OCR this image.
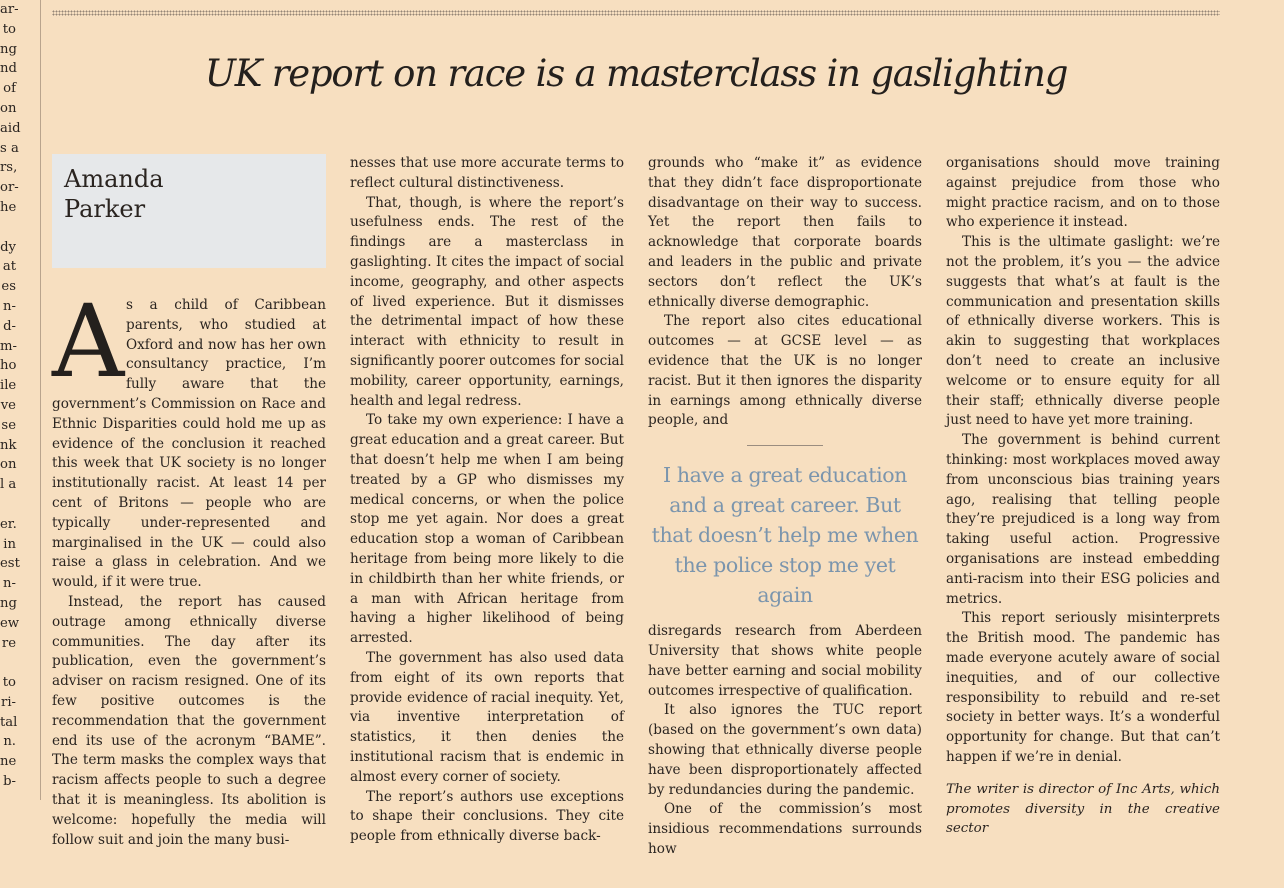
ar-
to
ng
nd
of
on
aid
s a
rs,
or-
he

dy
at
es
n-
d-
m-
ho
ile
ve
se
nk
on
l a

er.
in
est
n-
ng
ew
re

to
ri-
tal
n.
ne
b-
UK report on race is a masterclass in gaslighting
Amanda
Parker
A s a child of Caribbean parents, who studied at Oxford and now has her own consultancy practice, I’m fully aware that the government’s Commission on Race and Ethnic Disparities could hold me up as evidence of the conclusion it reached this week that UK society is no longer institutionally racist. At least 14 per cent of Britons — people who are typically under-represented and marginalised in the UK — could also raise a glass in celebration. And we would, if it were true.

Instead, the report has caused outrage among ethnically diverse communities. The day after its publication, even the government’s adviser on racism resigned. One of its few positive outcomes is the recommendation that the government end its use of the acronym “BAME”. The term masks the complex ways that racism affects people to such a degree that it is meaningless. Its abolition is welcome: hopefully the media will follow suit and join the many busi-

nesses that use more accurate terms to reflect cultural distinctiveness.

That, though, is where the report’s usefulness ends. The rest of the findings are a masterclass in gaslighting. It cites the impact of social income, geography, and other aspects of lived experience. But it dismisses the detrimental impact of how these interact with ethnicity to result in significantly poorer outcomes for social mobility, career opportunity, earnings, health and legal redress.

To take my own experience: I have a great education and a great career. But that doesn’t help me when I am being treated by a GP who dismisses my medical concerns, or when the police stop me yet again. Nor does a great education stop a woman of Caribbean heritage from being more likely to die in childbirth than her white friends, or a man with African heritage from having a higher likelihood of being arrested.

The government has also used data from eight of its own reports that provide evidence of racial inequity. Yet, via inventive interpretation of statistics, it then denies the institutional racism that is endemic in almost every corner of society.

The report’s authors use exceptions to shape their conclusions. They cite people from ethnically diverse back-

grounds who “make it” as evidence that they didn’t face disproportionate disadvantage on their way to success. Yet the report then fails to acknowledge that corporate boards and leaders in the public and private sectors don’t reflect the UK’s ethnically diverse demographic.

The report also cites educational outcomes — at GCSE level — as evidence that the UK is no longer racist. But it then ignores the disparity in earnings among ethnically diverse people, and

I have a great education and a great career. But that doesn’t help me when the police stop me yet again

disregards research from Aberdeen University that shows white people have better earning and social mobility outcomes irrespective of qualification.

It also ignores the TUC report (based on the government’s own data) showing that ethnically diverse people have been disproportionately affected by redundancies during the pandemic.

One of the commission’s most insidious recommendations surrounds how

organisations should move training against prejudice from those who might practice racism, and on to those who experience it instead.

This is the ultimate gaslight: we’re not the problem, it’s you — the advice suggests that what’s at fault is the communication and presentation skills of ethnically diverse workers. This is akin to suggesting that workplaces don’t need to create an inclusive welcome or to ensure equity for all their staff; ethnically diverse people just need to have yet more training.

The government is behind current thinking: most workplaces moved away from unconscious bias training years ago, realising that telling people they’re prejudiced is a long way from taking useful action. Progressive organisations are instead embedding anti-racism into their ESG policies and metrics.

This report seriously misinterprets the British mood. The pandemic has made everyone acutely aware of social inequities, and of our collective responsibility to rebuild and re-set society in better ways. It’s a wonderful opportunity for change. But that can’t happen if we’re in denial.

The writer is director of Inc Arts, which promotes diversity in the creative sector
